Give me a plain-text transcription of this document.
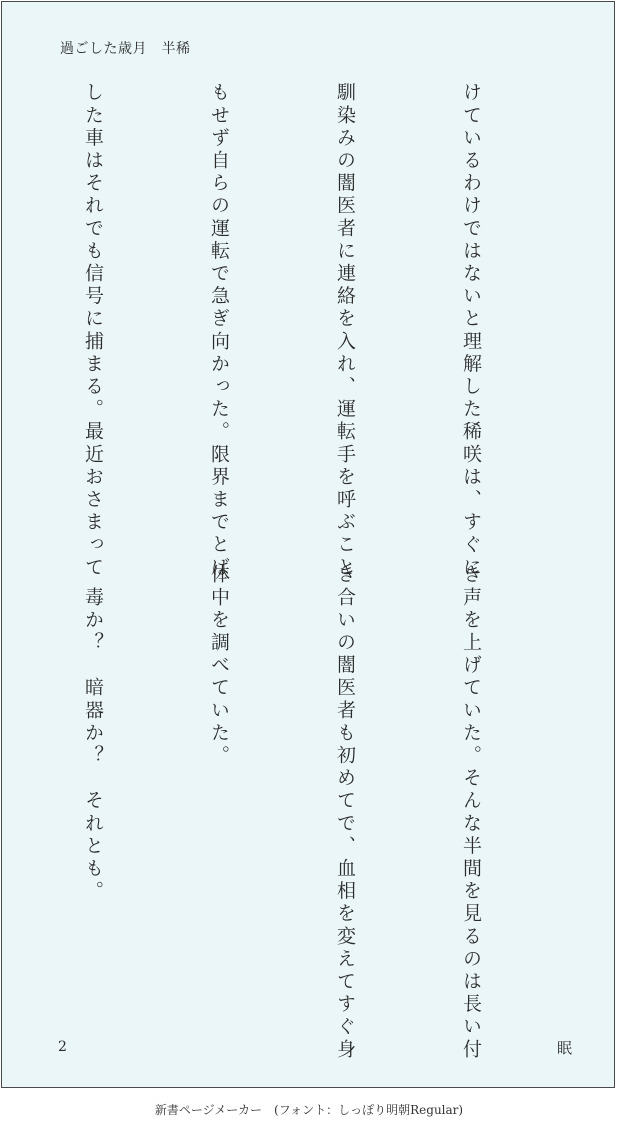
過ごした歳月　半稀

けているわけではないと理解した稀咲は、すぐに

馴染みの闇医者に連絡を入れ、運転手を呼ぶこと

もせず自らの運転で急ぎ向かった。限界までとば

した車はそれでも信号に捕まる。最近おさまって

き声を上げていた。そんな半間を見るのは長い付

き合いの闇医者も初めてで、血相を変えてすぐ身

体中を調べていた。

　毒か？　暗器か？　それとも。

2	眠
新書ページメーカー　(フォント：しっぽり明朝Regular)
